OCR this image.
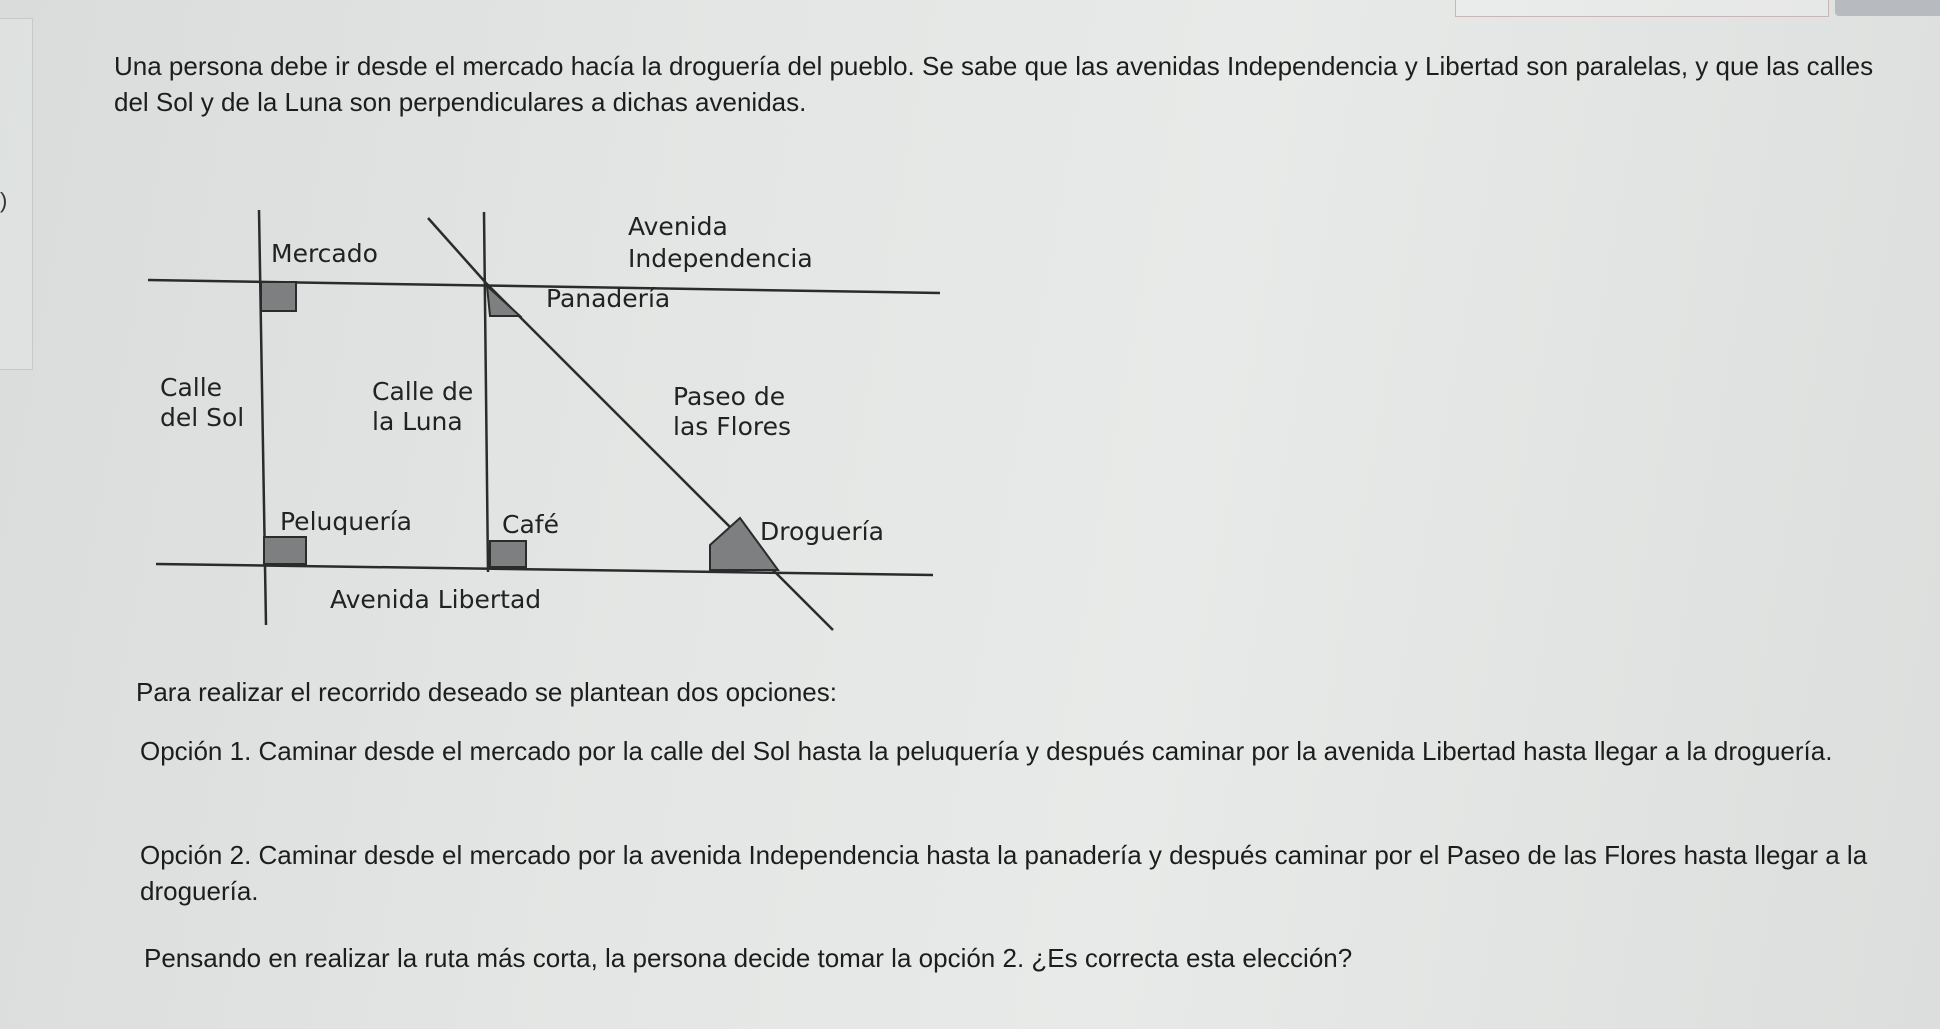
)

Una persona debe ir desde el mercado hacía la droguería del pueblo. Se sabe que las avenidas Independencia y Libertad son paralelas, y que las calles del Sol y de la Luna son perpendiculares a dichas avenidas.

Avenida
Independencia
Mercado
Panadería
Calle
del Sol
Calle de
la Luna
Paseo de
las Flores
Peluquería	Café	Droguería
Avenida Libertad

Para realizar el recorrido deseado se plantean dos opciones:

Opción 1. Caminar desde el mercado por la calle del Sol hasta la peluquería y después caminar por la avenida Libertad hasta llegar a la droguería.

Opción 2. Caminar desde el mercado por la avenida Independencia hasta la panadería y después caminar por el Paseo de las Flores hasta llegar a la droguería.

Pensando en realizar la ruta más corta, la persona decide tomar la opción 2. ¿Es correcta esta elección?
